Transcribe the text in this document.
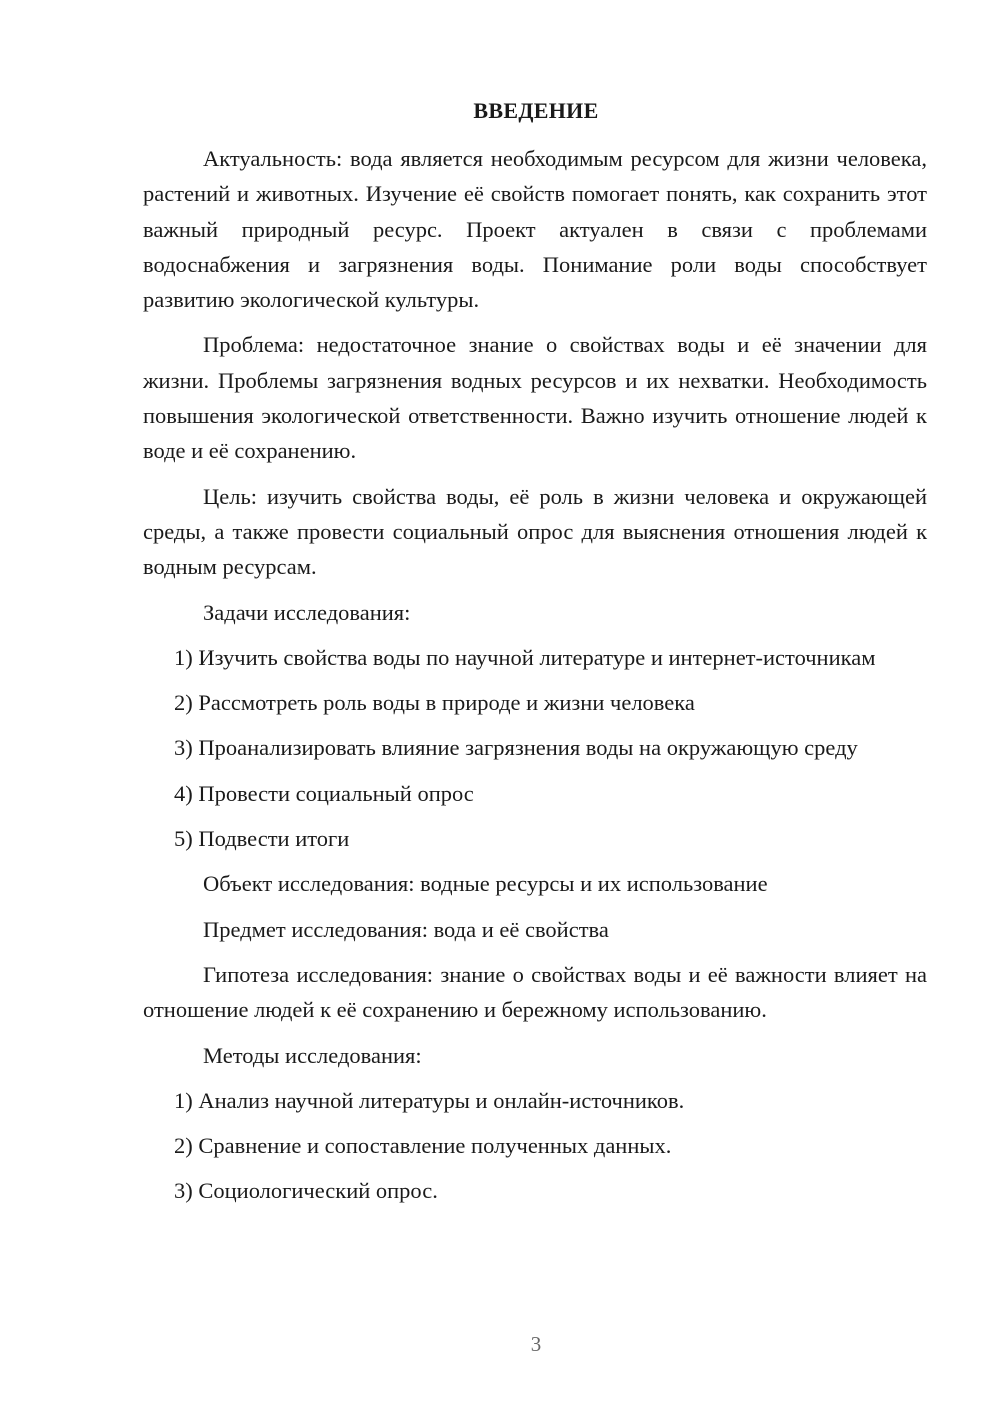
ВВЕДЕНИЕ

Актуальность: вода является необходимым ресурсом для жизни человека, растений и животных. Изучение её свойств помогает понять, как сохранить этот важный природный ресурс. Проект актуален в связи с проблемами водоснабжения и загрязнения воды. Понимание роли воды способствует развитию экологической культуры.

Проблема: недостаточное знание о свойствах воды и её значении для жизни. Проблемы загрязнения водных ресурсов и их нехватки. Необходимость повышения экологической ответственности. Важно изучить отношение людей к воде и её сохранению.

Цель: изучить свойства воды, её роль в жизни человека и окружающей среды, а также провести социальный опрос для выяснения отношения людей к водным ресурсам.

Задачи исследования:

1) Изучить свойства воды по научной литературе и интернет-источникам

2) Рассмотреть роль воды в природе и жизни человека

3) Проанализировать влияние загрязнения воды на окружающую среду

4) Провести социальный опрос

5) Подвести итоги

Объект исследования: водные ресурсы и их использование

Предмет исследования: вода и её свойства

Гипотеза исследования: знание о свойствах воды и её важности влияет на отношение людей к её сохранению и бережному использованию.

Методы исследования:

1) Анализ научной литературы и онлайн-источников.

2) Сравнение и сопоставление полученных данных.

3) Социологический опрос.

3
